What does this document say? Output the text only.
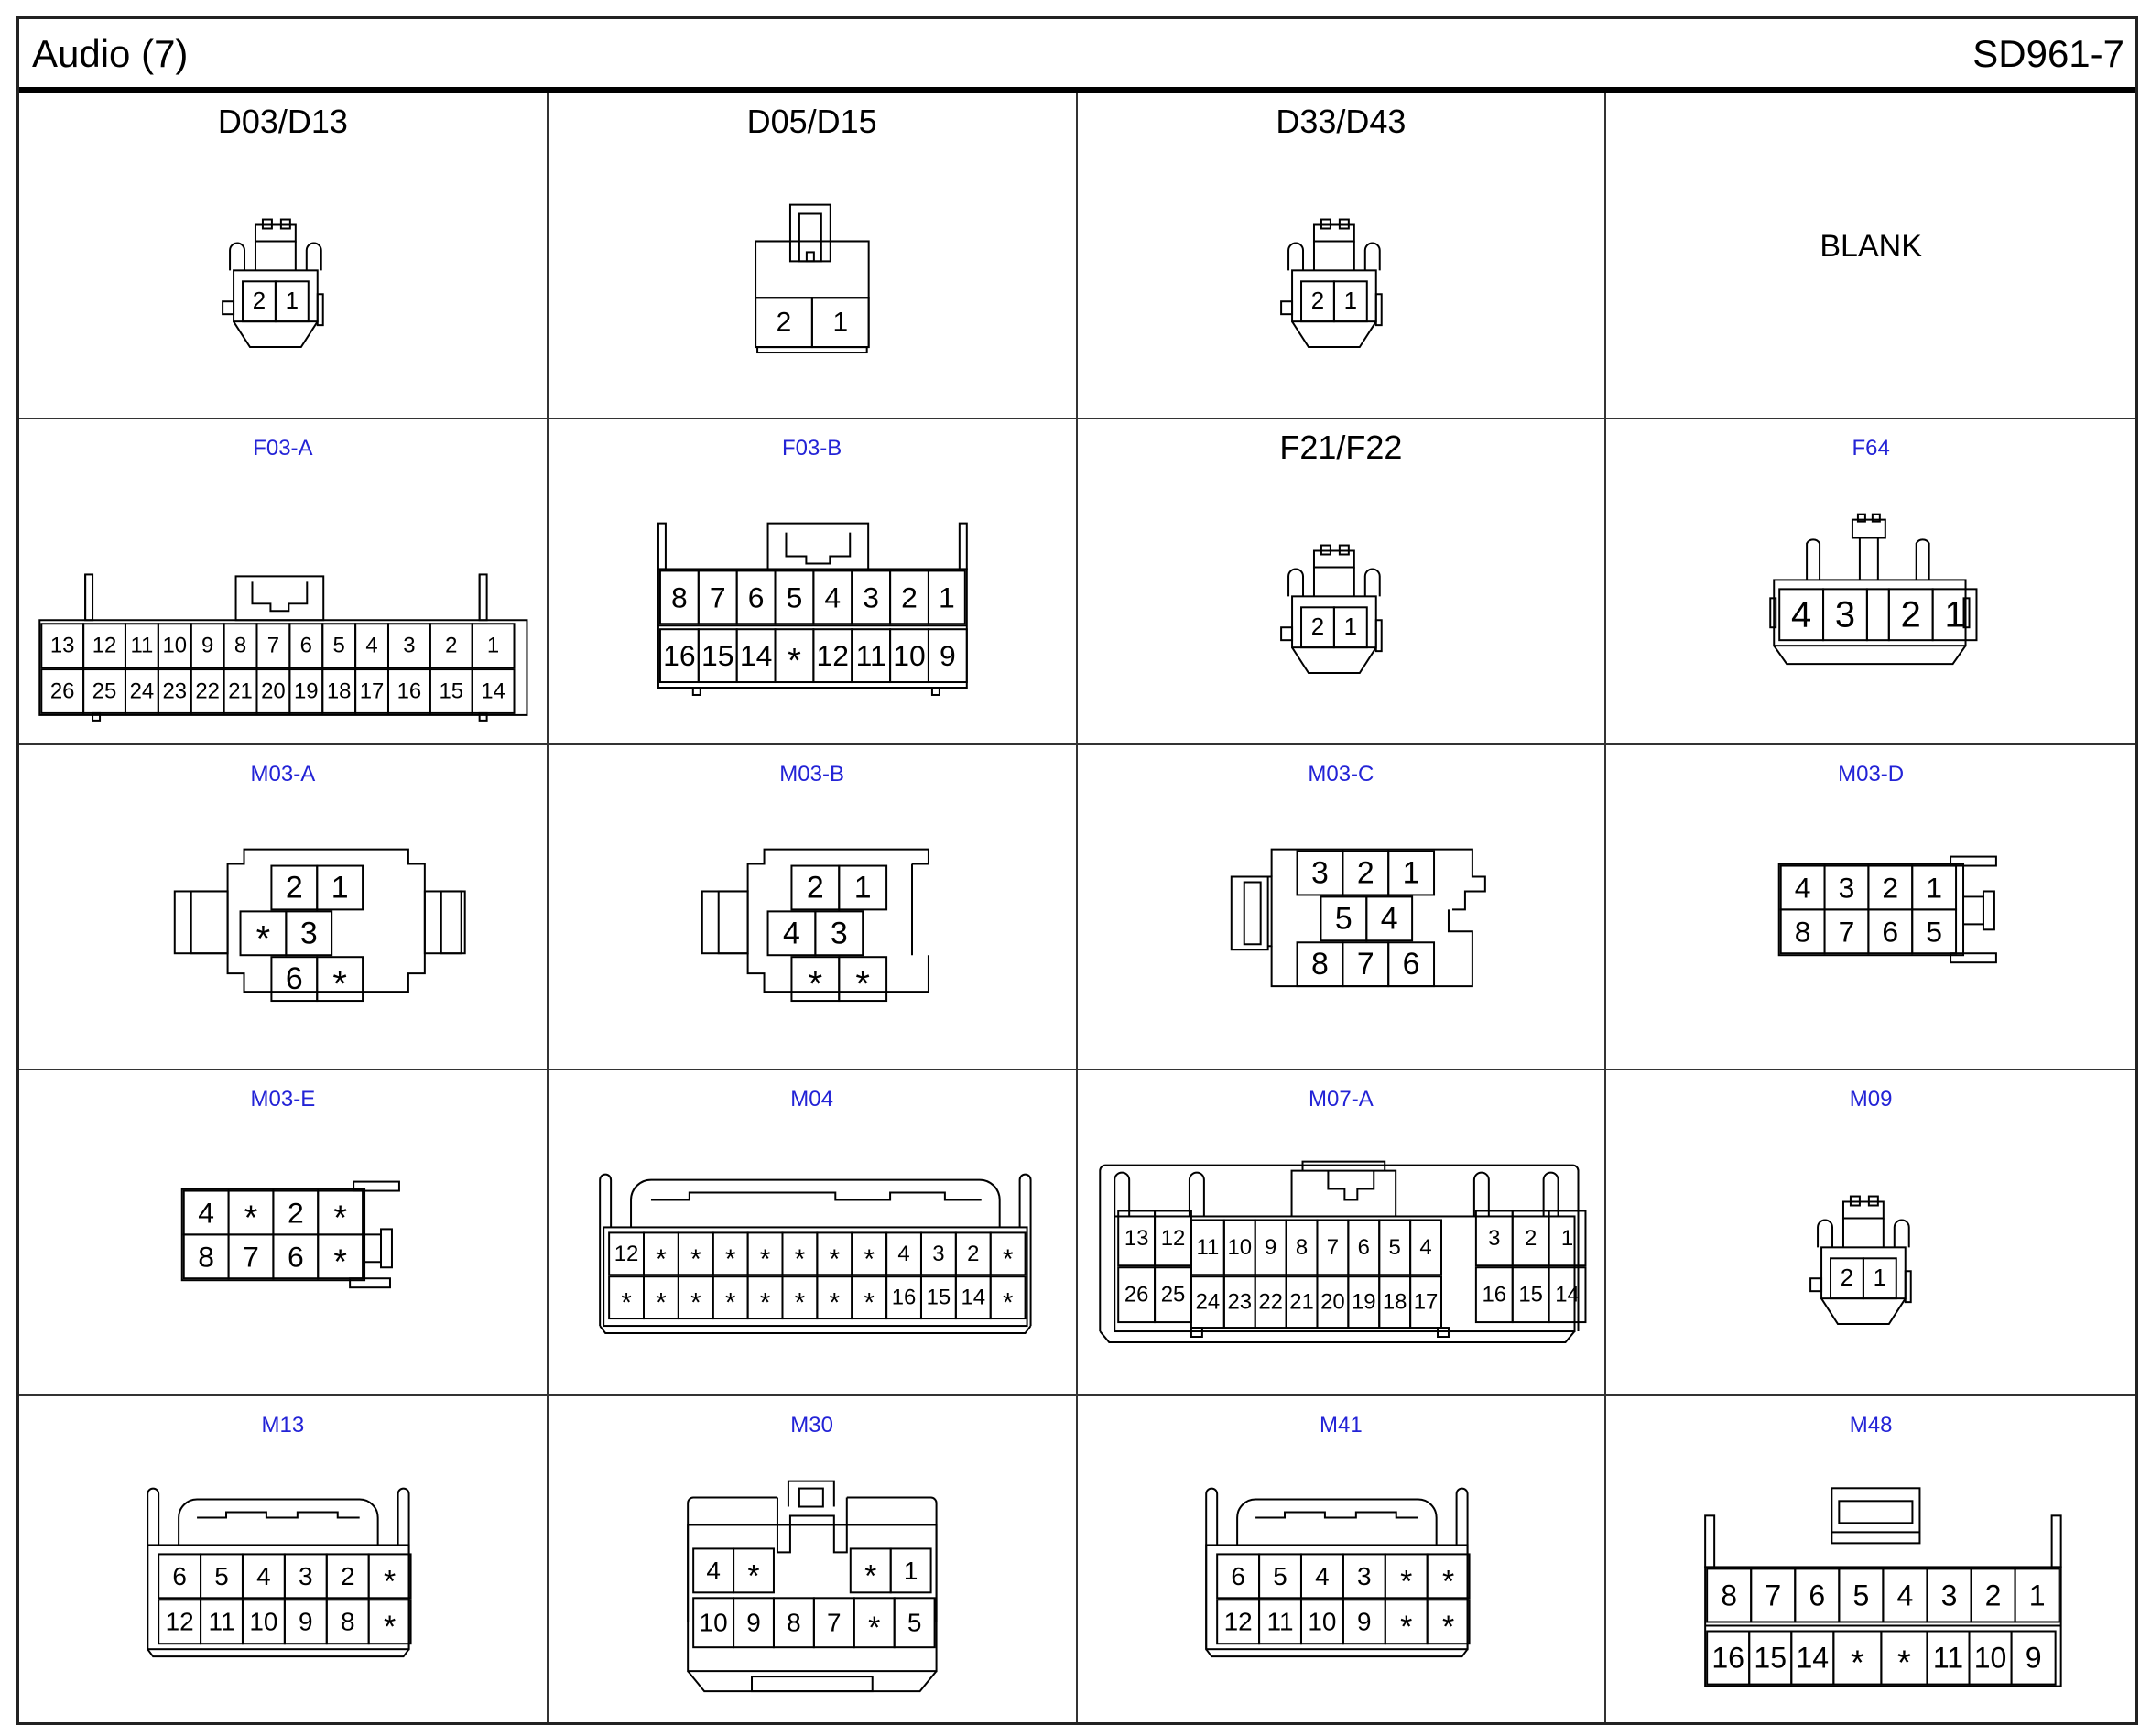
Audio (7)	SD961-7
D03/D13
2 1
D05/D15
2 1
D33/D43
2 1
BLANK
F03-A
13 12 11 10 9 8 7 6 5 4 3 2 1
26 25 24 23 22 21 20 19 18 17 16 15 14
F03-B
8 7 6 5 4 3 2 1
16 15 14 * 12 11 10 9
F21/F22
2 1
F64
4 3 2 1
M03-A
2 1
* 3
6 *
M03-B
2 1
4 3
* *
M03-C
3 2 1
5 4
8 7 6
M03-D
4 3 2 1
8 7 6 5
M03-E
4 * 2 *
8 7 6 *
M04
12 * * * * * * * 4 3 2 *
* * * * * * * * 16 15 14 *
M07-A
13 12 11 10 9 8 7 6 5 4	3 2 1
26 25 24 23 22 21 20 19 18 17 16 15 14
M09
2 1
M13
6 5 4 3 2 *
12 11 10 9 8 *
M30
4 *	* 1
10 9 8 7 * 5
M41
6 5 4 3 * *
12 11 10 9 * *
M48
8 7 6 5 4 3 2 1
16 15 14 * * 11 10 9
